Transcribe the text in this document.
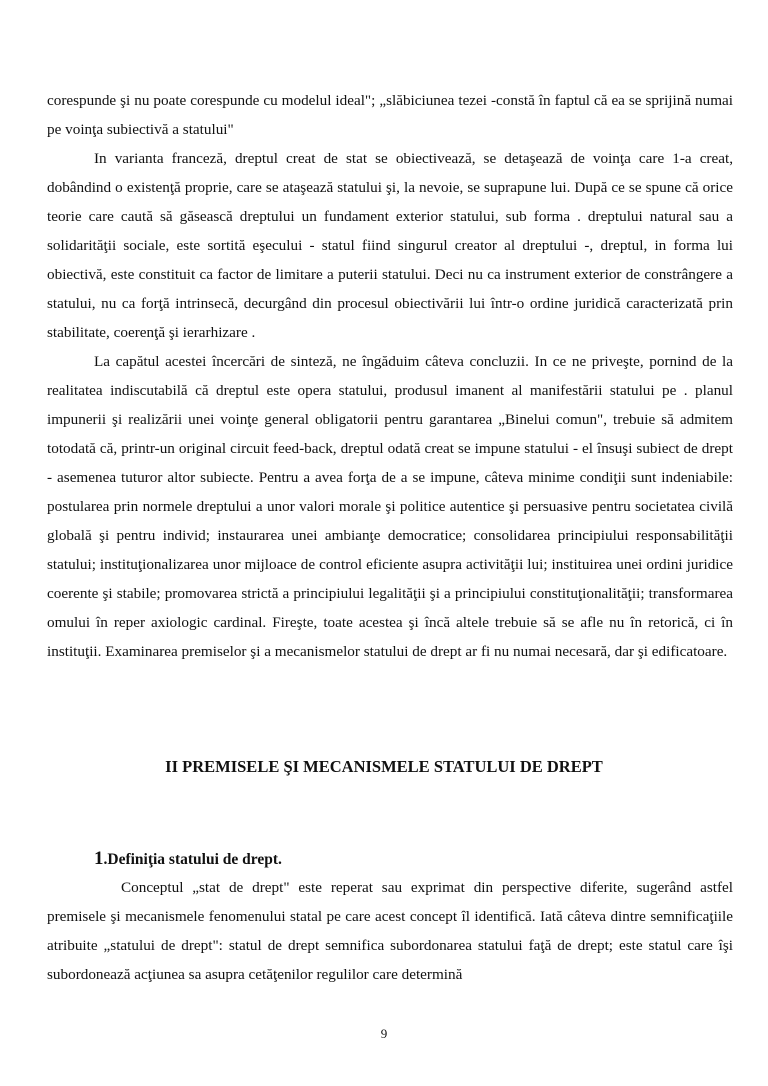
corespunde şi nu poate corespunde cu modelul ideal"; „slăbiciunea tezei -constă în faptul că ea se sprijină numai pe voinţa subiectivă a statului"

In varianta franceză, dreptul creat de stat se obiectivează, se detaşează de voinţa care 1-a creat, dobândind o existenţă proprie, care se ataşează statului şi, la nevoie, se suprapune lui. După ce se spune că orice teorie care caută să găsească dreptului un fundament exterior statului, sub forma . dreptului natural sau a solidarităţii sociale, este sortită eşecului - statul fiind singurul creator al dreptului -, dreptul, in forma lui obiectivă, este constituit ca factor de limitare a puterii statului. Deci nu ca instrument exterior de constrângere a statului, nu ca forţă intrinsecă, decurgând din procesul obiectivării lui într-o ordine juridică caracterizată prin stabilitate, coerenţă şi ierarhizare .

La capătul acestei încercări de sinteză, ne îngăduim câteva concluzii. In ce ne priveşte, pornind de la realitatea indiscutabilă că dreptul este opera statului, produsul imanent al manifestării statului pe . planul impunerii şi realizării unei voinţe general obligatorii pentru garantarea „Binelui comun", trebuie să admitem totodată că, printr-un original circuit feed-back, dreptul odată creat se impune statului - el însuşi subiect de drept - asemenea tuturor altor subiecte. Pentru a avea forţa de a se impune, câteva minime condiţii sunt indeniabile: postularea prin normele dreptului a unor valori morale şi politice autentice şi persuasive pentru societatea civilă globală şi pentru individ; instaurarea unei ambianţe democratice; consolidarea principiului responsabilităţii statului; instituţionalizarea unor mijloace de control eficiente asupra activităţii lui; instituirea unei ordini juridice coerente şi stabile; promovarea strictă a principiului legalităţii şi a principiului constituţionalităţii; transformarea omului în reper axiologic cardinal. Fireşte, toate acestea şi încă altele trebuie să se afle nu în retorică, ci în instituţii. Examinarea premiselor şi a mecanismelor statului de drept ar fi nu numai necesară, dar şi edificatoare.

II PREMISELE ŞI MECANISMELE STATULUI DE DREPT
1.Definiţia statului de drept.

Conceptul „stat de drept" este reperat sau exprimat din perspective diferite, sugerând astfel premisele şi mecanismele fenomenului statal pe care acest concept îl identifică. Iată câteva dintre semnificaţiile atribuite „statului de drept": statul de drept semnifica subordonarea statului faţă de drept; este statul care îşi subordonează acţiunea sa asupra cetăţenilor regulilor care determină

9
